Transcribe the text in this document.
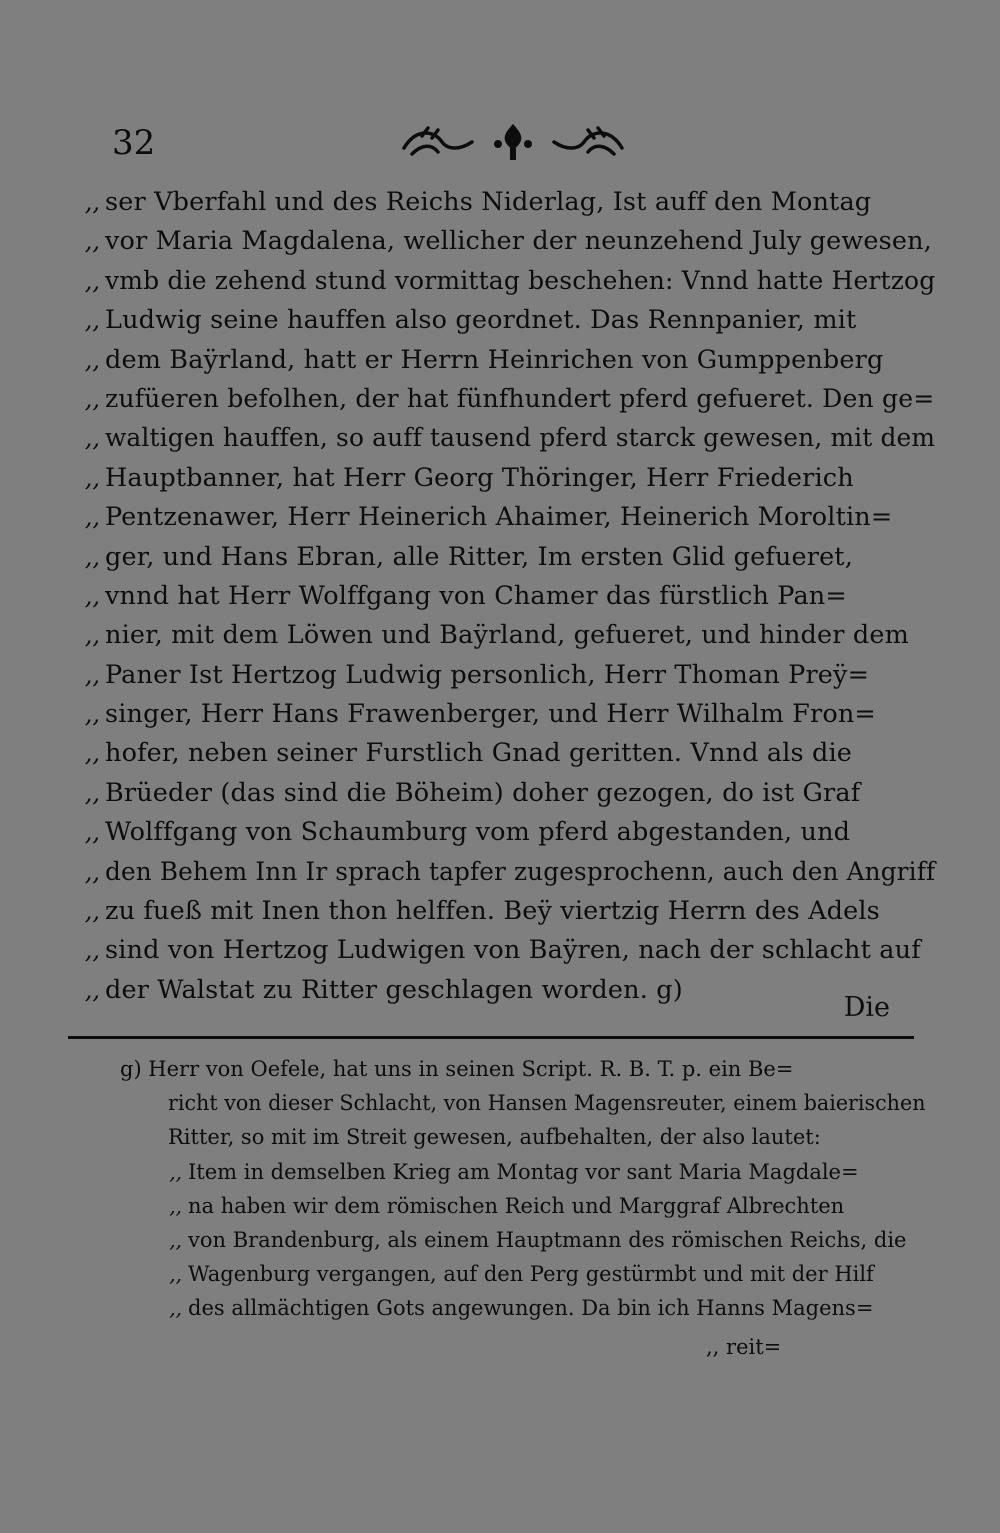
32
,, ser Vberfahl und des Reichs Niderlag, Ist auff den Montag
,, vor Maria Magdalena, wellicher der neunzehend July gewesen,
,, vmb die zehend stund vormittag beschehen: Vnnd hatte Hertzog
,, Ludwig seine hauffen also geordnet. Das Rennpanier, mit
,, dem Baÿrland, hatt er Herrn Heinrichen von Gumppenberg
,, zufüeren befolhen, der hat fünfhundert pferd gefueret. Den ge=
,, waltigen hauffen, so auff tausend pferd starck gewesen, mit dem
,, Hauptbanner, hat Herr Georg Thöringer, Herr Friederich
,, Pentzenawer, Herr Heinerich Ahaimer, Heinerich Moroltin=
,, ger, und Hans Ebran, alle Ritter, Im ersten Glid gefueret,
,, vnnd hat Herr Wolffgang von Chamer das fürstlich Pan=
,, nier, mit dem Löwen und Baÿrland, gefueret, und hinder dem
,, Paner Ist Hertzog Ludwig personlich, Herr Thoman Preÿ=
,, singer, Herr Hans Frawenberger, und Herr Wilhalm Fron=
,, hofer, neben seiner Furstlich Gnad geritten. Vnnd als die
,, Brüeder (das sind die Böheim) doher gezogen, do ist Graf
,, Wolffgang von Schaumburg vom pferd abgestanden, und
,, den Behem Inn Ir sprach tapfer zugesprochenn, auch den Angriff
,, zu fueß mit Inen thon helffen. Beÿ viertzig Herrn des Adels
,, sind von Hertzog Ludwigen von Baÿren, nach der schlacht auf
,, der Walstat zu Ritter geschlagen worden. g)
Die
g) Herr von Oefele, hat uns in seinen Script. R. B. T. p. ein Be=
richt von dieser Schlacht, von Hansen Magensreuter, einem baierischen
Ritter, so mit im Streit gewesen, aufbehalten, der also lautet:
,, Item in demselben Krieg am Montag vor sant Maria Magdale=
,, na haben wir dem römischen Reich und Marggraf Albrechten
,, von Brandenburg, als einem Hauptmann des römischen Reichs, die
,, Wagenburg vergangen, auf den Perg gestürmbt und mit der Hilf
,, des allmächtigen Gots angewungen. Da bin ich Hanns Magens=
,, reit=
